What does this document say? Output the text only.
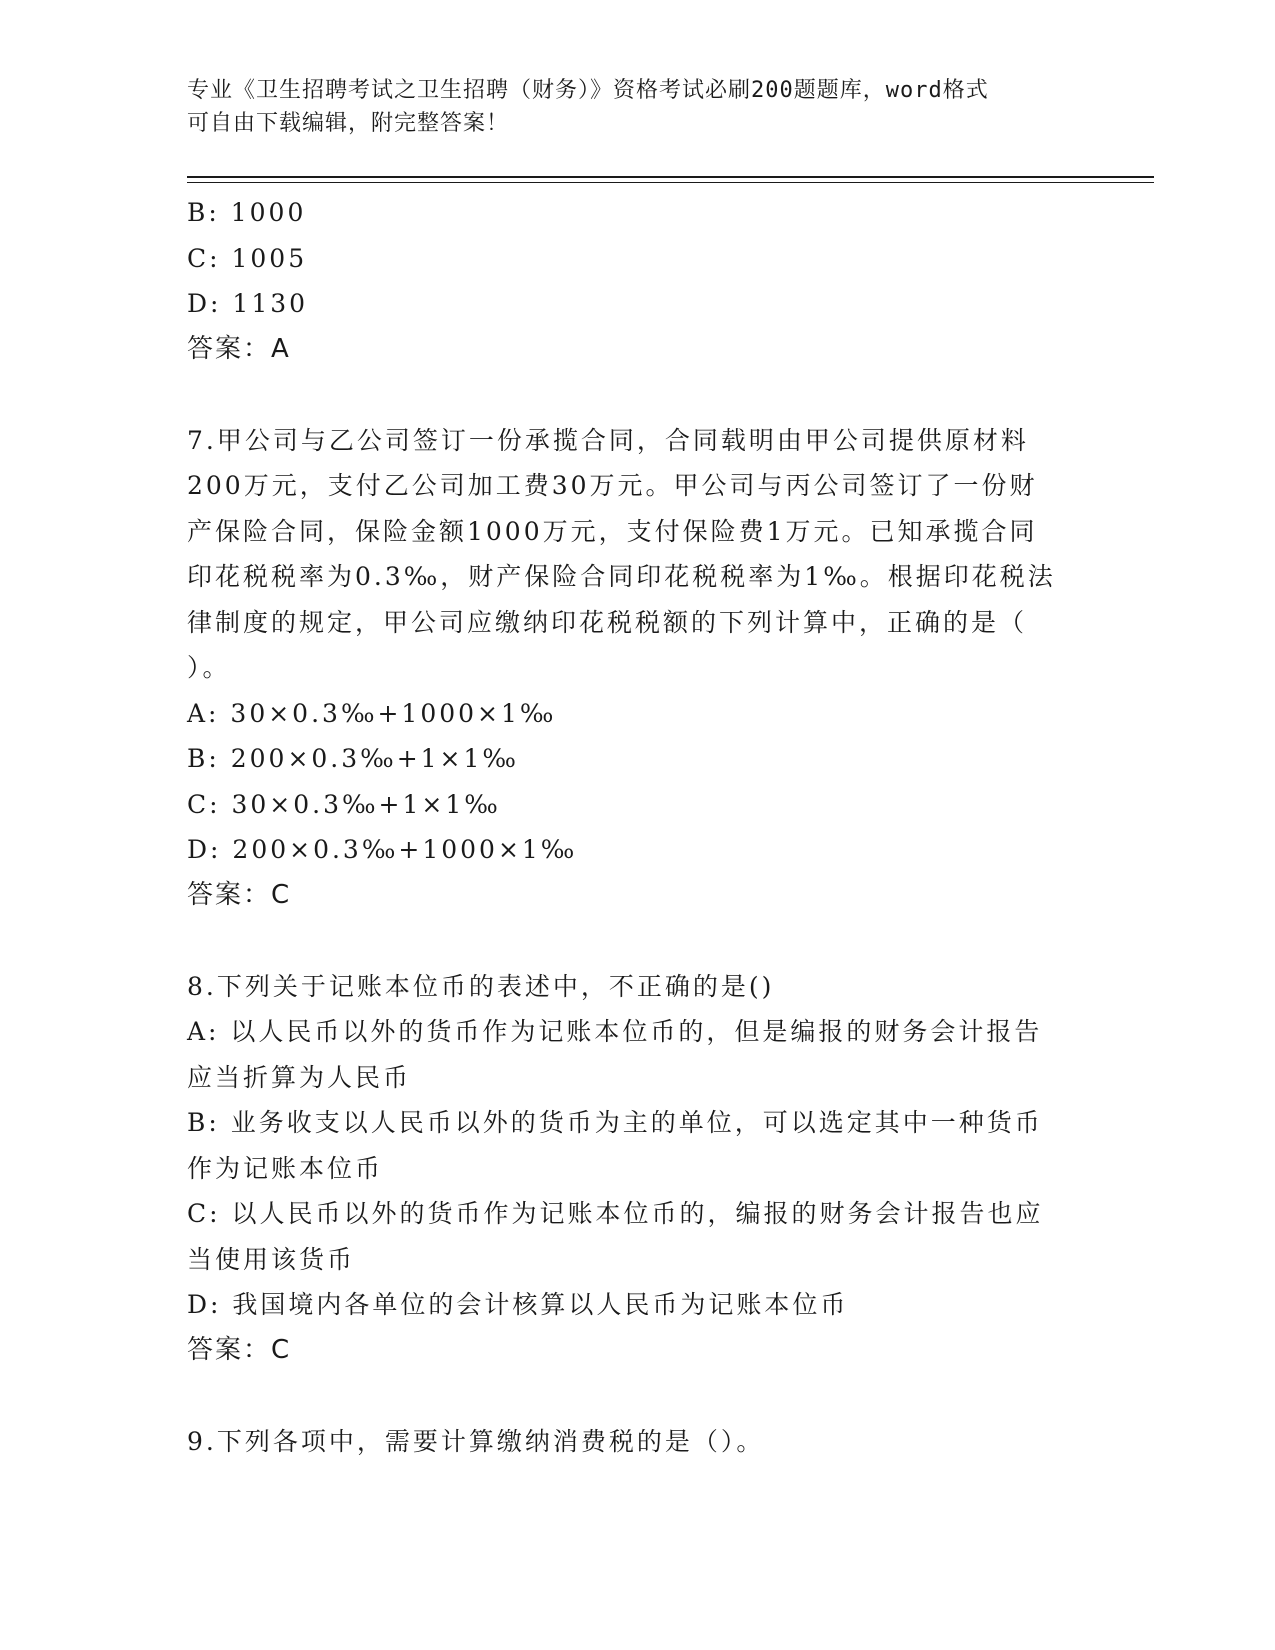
专业《卫生招聘考试之卫生招聘（财务）》资格考试必刷200题题库，word格式
可自由下载编辑，附完整答案！
B: 1000
C: 1005
D: 1130
答案：A
7.甲公司与乙公司签订一份承揽合同，合同载明由甲公司提供原材料
200万元，支付乙公司加工费30万元。甲公司与丙公司签订了一份财
产保险合同，保险金额1000万元，支付保险费1万元。已知承揽合同
印花税税率为0.3‰，财产保险合同印花税税率为1‰。根据印花税法
律制度的规定，甲公司应缴纳印花税税额的下列计算中，正确的是（
）。
A: 30×0.3‰+1000×1‰
B: 200×0.3‰+1×1‰
C: 30×0.3‰+1×1‰
D: 200×0.3‰+1000×1‰
答案：C
8.下列关于记账本位币的表述中，不正确的是()
A: 以人民币以外的货币作为记账本位币的，但是编报的财务会计报告
应当折算为人民币
B: 业务收支以人民币以外的货币为主的单位，可以选定其中一种货币
作为记账本位币
C: 以人民币以外的货币作为记账本位币的，编报的财务会计报告也应
当使用该货币
D: 我国境内各单位的会计核算以人民币为记账本位币
答案：C
9.下列各项中，需要计算缴纳消费税的是（）。
